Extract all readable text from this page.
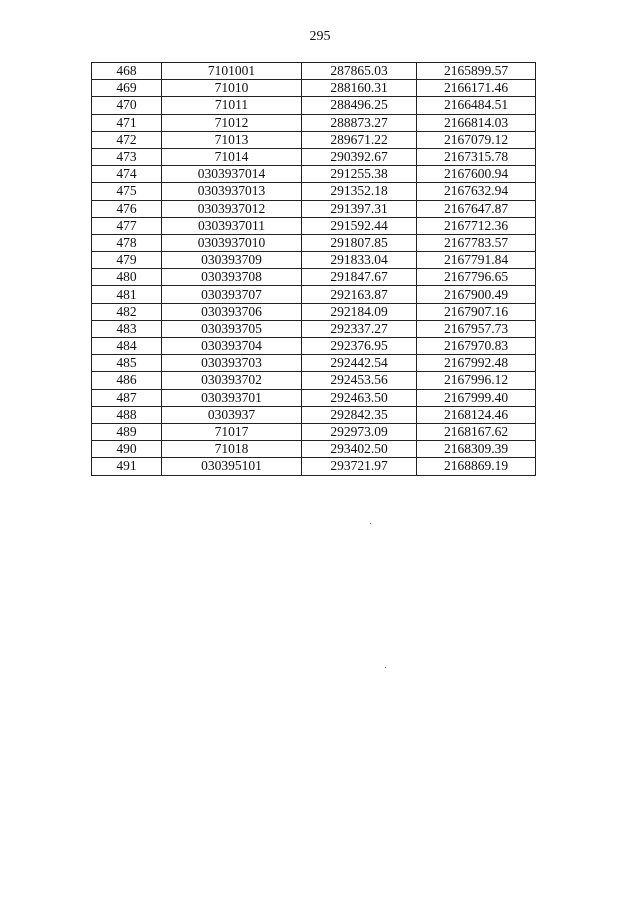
295
468	7101001	287865.03	2165899.57
469	71010	288160.31	2166171.46
470	71011	288496.25	2166484.51
471	71012	288873.27	2166814.03
472	71013	289671.22	2167079.12
473	71014	290392.67	2167315.78
474	0303937014	291255.38	2167600.94
475	0303937013	291352.18	2167632.94
476	0303937012	291397.31	2167647.87
477	0303937011	291592.44	2167712.36
478	0303937010	291807.85	2167783.57
479	030393709	291833.04	2167791.84
480	030393708	291847.67	2167796.65
481	030393707	292163.87	2167900.49
482	030393706	292184.09	2167907.16
483	030393705	292337.27	2167957.73
484	030393704	292376.95	2167970.83
485	030393703	292442.54	2167992.48
486	030393702	292453.56	2167996.12
487	030393701	292463.50	2167999.40
488	0303937	292842.35	2168124.46
489	71017	292973.09	2168167.62
490	71018	293402.50	2168309.39
491	030395101	293721.97	2168869.19
